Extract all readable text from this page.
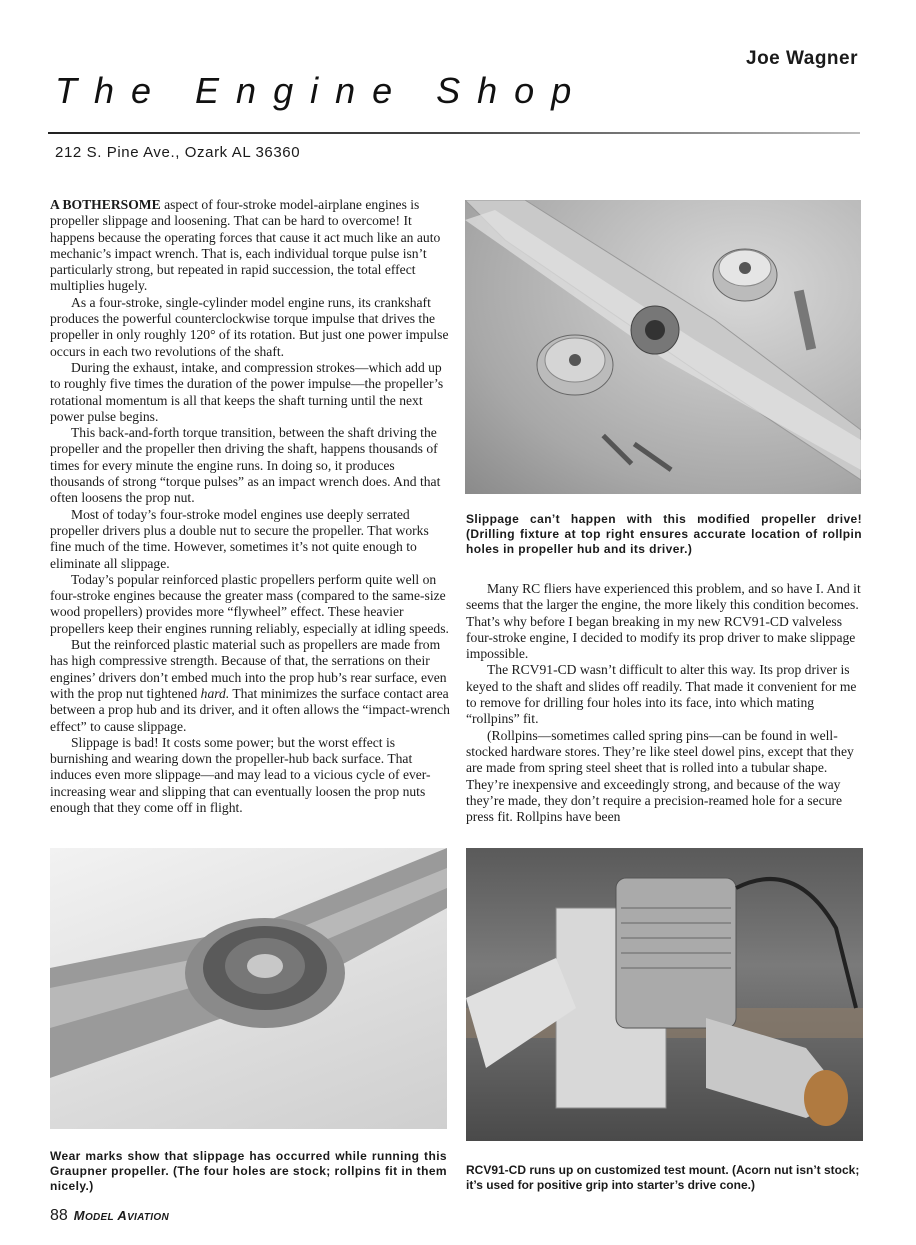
Joe Wagner
The Engine Shop
212 S. Pine Ave., Ozark AL 36360

A BOTHERSOME aspect of four-stroke model-airplane engines is propeller slippage and loosening. That can be hard to overcome! It happens because the operating forces that cause it act much like an auto mechanic’s impact wrench. That is, each individual torque pulse isn’t particularly strong, but repeated in rapid succession, the total effect multiplies hugely.

As a four-stroke, single-cylinder model engine runs, its crankshaft produces the powerful counterclockwise torque impulse that drives the propeller in only roughly 120° of its rotation. But just one power impulse occurs in each two revolutions of the shaft.

During the exhaust, intake, and compression strokes—which add up to roughly five times the duration of the power impulse—the propeller’s rotational momentum is all that keeps the shaft turning until the next power pulse begins.

This back-and-forth torque transition, between the shaft driving the propeller and the propeller then driving the shaft, happens thousands of times for every minute the engine runs. In doing so, it produces thousands of strong “torque pulses” as an impact wrench does. And that often loosens the prop nut.

Most of today’s four-stroke model engines use deeply serrated propeller drivers plus a double nut to secure the propeller. That works fine much of the time. However, sometimes it’s not quite enough to eliminate all slippage.

Today’s popular reinforced plastic propellers perform quite well on four-stroke engines because the greater mass (compared to the same-size wood propellers) provides more “flywheel” effect. These heavier propellers keep their engines running reliably, especially at idling speeds.

But the reinforced plastic material such as propellers are made from has high compressive strength. Because of that, the serrations on their engines’ drivers don’t embed much into the prop hub’s rear surface, even with the prop nut tightened hard. That minimizes the surface contact area between a prop hub and its driver, and it often allows the “impact-wrench effect” to cause slippage.

Slippage is bad! It costs some power; but the worst effect is burnishing and wearing down the propeller-hub back surface. That induces even more slippage—and may lead to a vicious cycle of ever-increasing wear and slipping that can eventually loosen the prop nuts enough that they come off in flight.

Slippage can’t happen with this modified propeller drive! (Drilling fixture at top right ensures accurate location of rollpin holes in propeller hub and its driver.)

Many RC fliers have experienced this problem, and so have I. And it seems that the larger the engine, the more likely this condition becomes. That’s why before I began breaking in my new RCV91-CD valveless four-stroke engine, I decided to modify its prop driver to make slippage impossible.

The RCV91-CD wasn’t difficult to alter this way. Its prop driver is keyed to the shaft and slides off readily. That made it convenient for me to remove for drilling four holes into its face, into which mating “rollpins” fit.

(Rollpins—sometimes called spring pins—can be found in well-stocked hardware stores. They’re like steel dowel pins, except that they are made from spring steel sheet that is rolled into a tubular shape. They’re inexpensive and exceedingly strong, and because of the way they’re made, they don’t require a precision-reamed hole for a secure press fit. Rollpins have been

Wear marks show that slippage has occurred while running this Graupner propeller. (The four holes are stock; rollpins fit in them nicely.)
RCV91-CD runs up on customized test mount. (Acorn nut isn’t stock; it’s used for positive grip into starter’s drive cone.)
88 MODEL AVIATION
